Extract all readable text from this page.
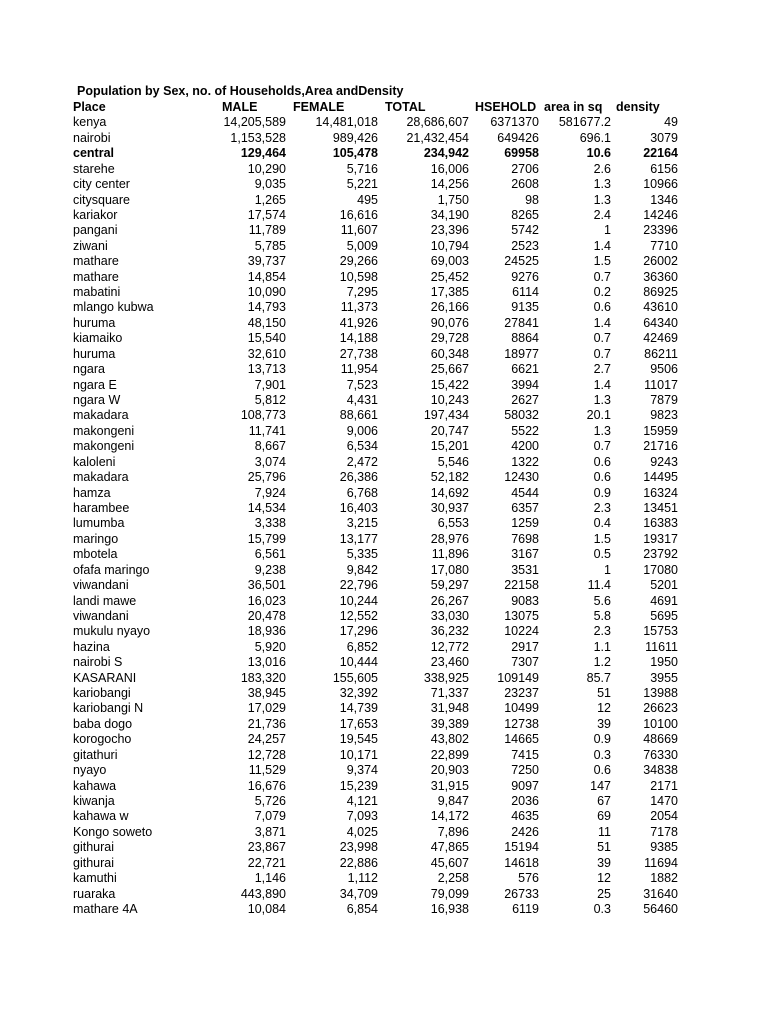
Population by Sex, no. of Households,Area andDensity
Place	MALE	FEMALE	TOTAL	HSEHOLD	area in sq	density
kenya	14,205,589	14,481,018	28,686,607	6371370	581677.2	49
nairobi	1,153,528	989,426	21,432,454	649426	696.1	3079
central	129,464	105,478	234,942	69958	10.6	22164
starehe	10,290	5,716	16,006	2706	2.6	6156
city center	9,035	5,221	14,256	2608	1.3	10966
citysquare	1,265	495	1,750	98	1.3	1346
kariakor	17,574	16,616	34,190	8265	2.4	14246
pangani	11,789	11,607	23,396	5742	1	23396
ziwani	5,785	5,009	10,794	2523	1.4	7710
mathare	39,737	29,266	69,003	24525	1.5	26002
mathare	14,854	10,598	25,452	9276	0.7	36360
mabatini	10,090	7,295	17,385	6114	0.2	86925
mlango kubwa	14,793	11,373	26,166	9135	0.6	43610
huruma	48,150	41,926	90,076	27841	1.4	64340
kiamaiko	15,540	14,188	29,728	8864	0.7	42469
huruma	32,610	27,738	60,348	18977	0.7	86211
ngara	13,713	11,954	25,667	6621	2.7	9506
ngara E	7,901	7,523	15,422	3994	1.4	11017
ngara W	5,812	4,431	10,243	2627	1.3	7879
makadara	108,773	88,661	197,434	58032	20.1	9823
makongeni	11,741	9,006	20,747	5522	1.3	15959
makongeni	8,667	6,534	15,201	4200	0.7	21716
kaloleni	3,074	2,472	5,546	1322	0.6	9243
makadara	25,796	26,386	52,182	12430	0.6	14495
hamza	7,924	6,768	14,692	4544	0.9	16324
harambee	14,534	16,403	30,937	6357	2.3	13451
lumumba	3,338	3,215	6,553	1259	0.4	16383
maringo	15,799	13,177	28,976	7698	1.5	19317
mbotela	6,561	5,335	11,896	3167	0.5	23792
ofafa maringo	9,238	9,842	17,080	3531	1	17080
viwandani	36,501	22,796	59,297	22158	11.4	5201
landi mawe	16,023	10,244	26,267	9083	5.6	4691
viwandani	20,478	12,552	33,030	13075	5.8	5695
mukulu nyayo	18,936	17,296	36,232	10224	2.3	15753
hazina	5,920	6,852	12,772	2917	1.1	11611
nairobi S	13,016	10,444	23,460	7307	1.2	1950
KASARANI	183,320	155,605	338,925	109149	85.7	3955
kariobangi	38,945	32,392	71,337	23237	51	13988
kariobangi N	17,029	14,739	31,948	10499	12	26623
baba dogo	21,736	17,653	39,389	12738	39	10100
korogocho	24,257	19,545	43,802	14665	0.9	48669
gitathuri	12,728	10,171	22,899	7415	0.3	76330
nyayo	11,529	9,374	20,903	7250	0.6	34838
kahawa	16,676	15,239	31,915	9097	147	2171
kiwanja	5,726	4,121	9,847	2036	67	1470
kahawa w	7,079	7,093	14,172	4635	69	2054
Kongo soweto	3,871	4,025	7,896	2426	11	7178
githurai	23,867	23,998	47,865	15194	51	9385
githurai	22,721	22,886	45,607	14618	39	11694
kamuthi	1,146	1,112	2,258	576	12	1882
ruaraka	443,890	34,709	79,099	26733	25	31640
mathare 4A	10,084	6,854	16,938	6119	0.3	56460
